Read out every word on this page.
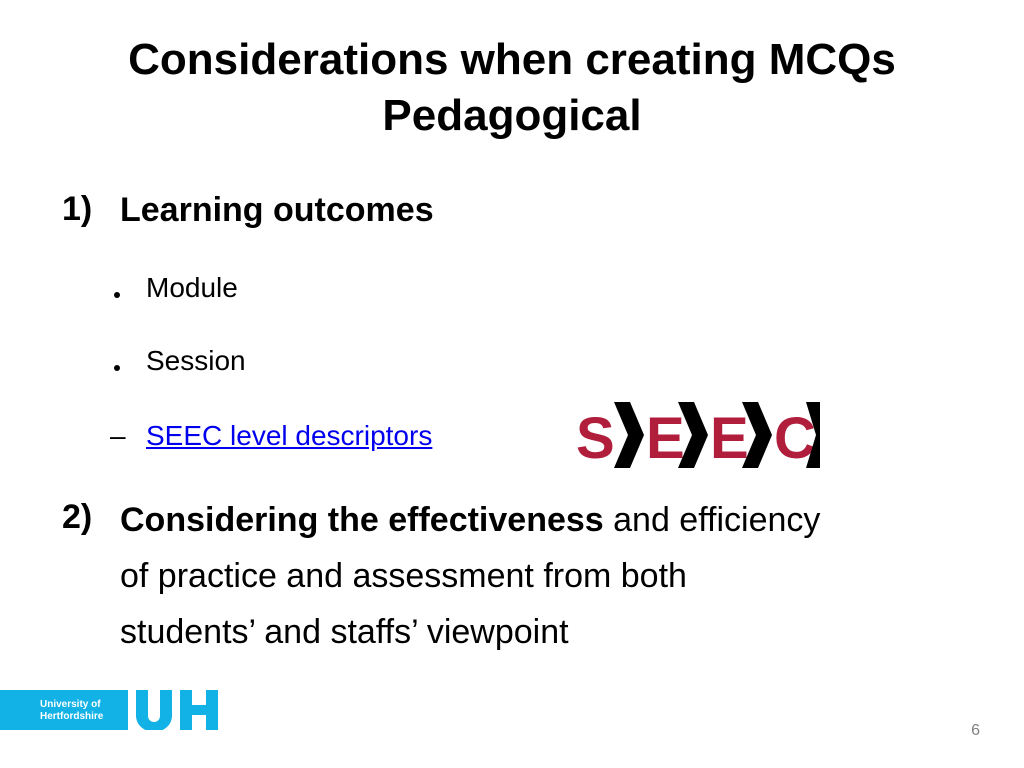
Considerations when creating MCQs
Pedagogical
1) Learning outcomes
Module
Session
– SEEC level descriptors S E E C
2) Considering the effectiveness and efficiency
of practice and assessment from both
students’ and staffs’ viewpoint
University of
Hertfordshire
6
